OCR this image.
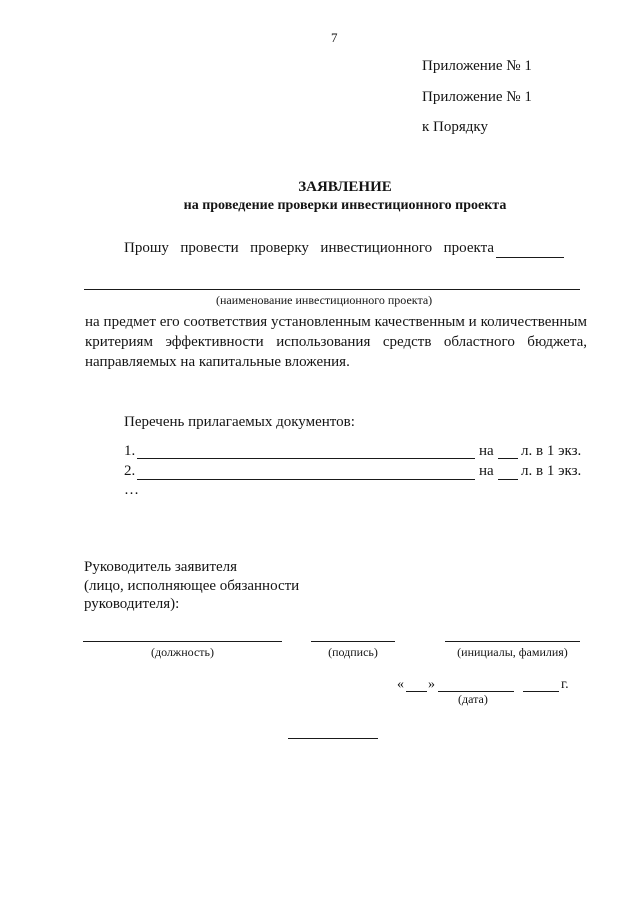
7
Приложение № 1
Приложение № 1
к Порядку
ЗАЯВЛЕНИЕ
на проведение проверки инвестиционного проекта
Прошу провести проверку инвестиционного проекта
(наименование инвестиционного проекта)
на предмет его соответствия установленным качественным и количественным критериям эффективности использования средств областного бюджета, направляемых на капитальные вложения.
Перечень прилагаемых документов:
1.	на л. в 1 экз.
2.	на л. в 1 экз.
…
Руководитель заявителя
(лицо, исполняющее обязанности
руководителя):
(должность)	(подпись)	(инициалы, фамилия)
« »	г.
(дата)
